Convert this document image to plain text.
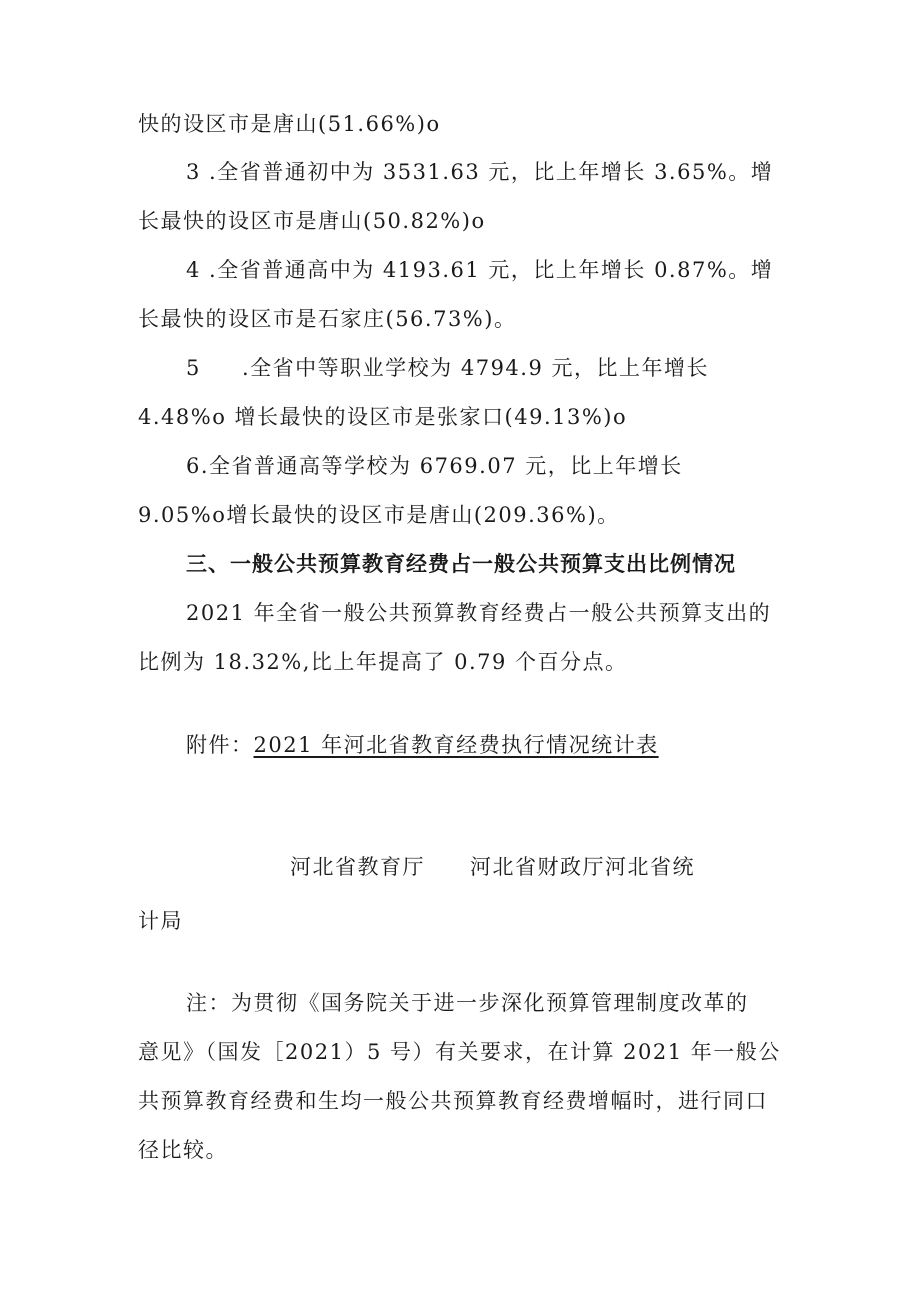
快的设区市是唐山(51.66%)o
3 .全省普通初中为 3531.63 元，比上年增长 3.65%。增
长最快的设区市是唐山(50.82%)o
4 .全省普通高中为 4193.61 元，比上年增长 0.87%。增
长最快的设区市是石家庄(56.73%)。
5 .全省中等职业学校为 4794.9 元，比上年增长
4.48%o 增长最快的设区市是张家口(49.13%)o
6.全省普通高等学校为 6769.07 元，比上年增长
9.05%o增长最快的设区市是唐山(209.36%)。
三、一般公共预算教育经费占一般公共预算支出比例情况
2021 年全省一般公共预算教育经费占一般公共预算支出的
比例为 18.32%,比上年提高了 0.79 个百分点。
附件：2021 年河北省教育经费执行情况统计表
河北省教育厅　　河北省财政厅河北省统
计局
注：为贯彻《国务院关于进一步深化预算管理制度改革的
意见》（国发［2021）5 号）有关要求，在计算 2021 年一般公
共预算教育经费和生均一般公共预算教育经费增幅时，进行同口
径比较。
